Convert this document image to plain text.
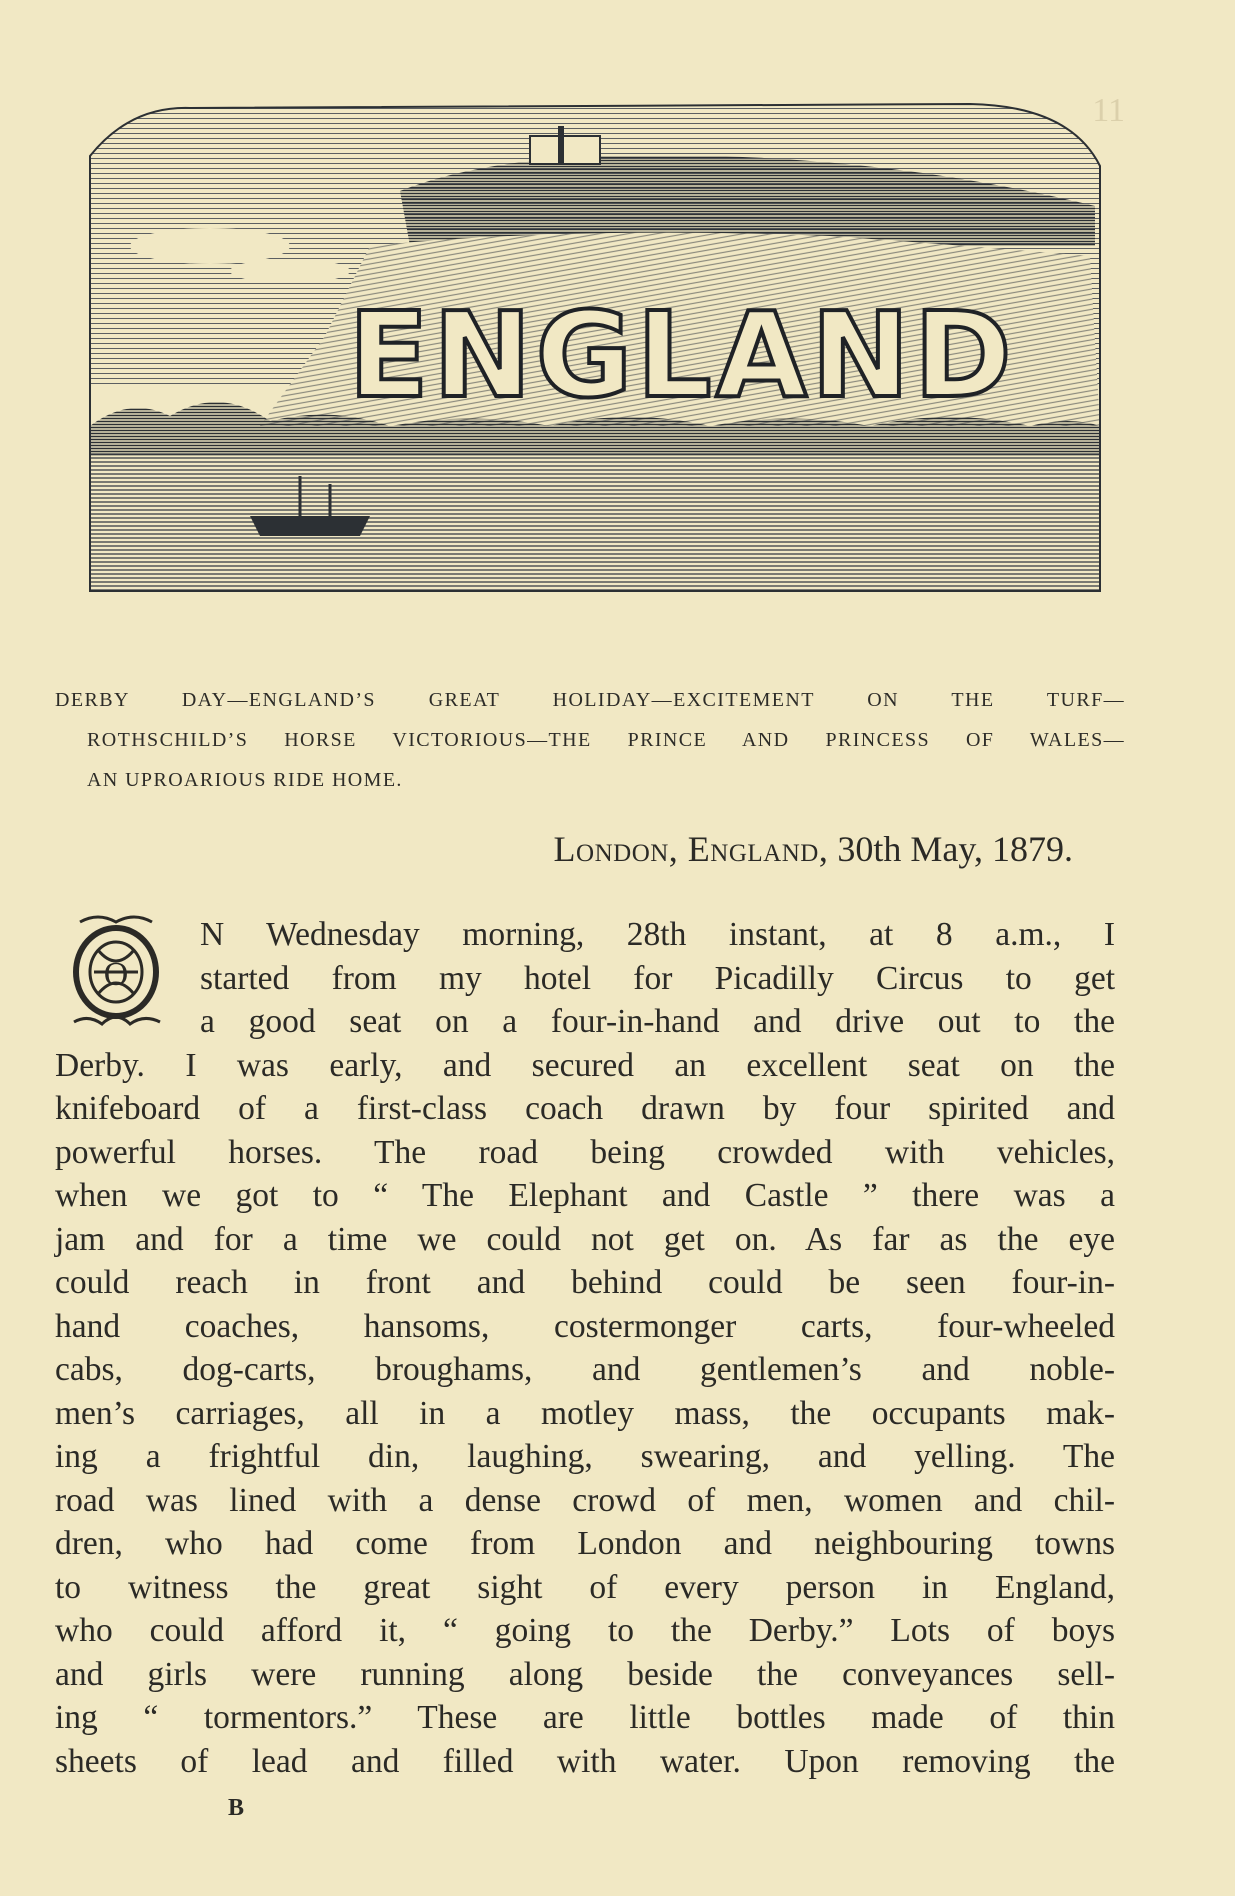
11
ENGLAND
DERBY DAY—ENGLAND’S GREAT HOLIDAY—EXCITEMENT ON THE TURF—
ROTHSCHILD’S HORSE VICTORIOUS—THE PRINCE AND PRINCESS OF WALES—
AN UPROARIOUS RIDE HOME.
London, England, 30th May, 1879.
O
N Wednesday morning, 28th instant, at 8 a.m., I
started from my hotel for Picadilly Circus to get
a good seat on a four-in-hand and drive out to the
Derby. I was early, and secured an excellent seat on the
knifeboard of a first-class coach drawn by four spirited and
powerful horses. The road being crowded with vehicles,
when we got to “ The Elephant and Castle ” there was a
jam and for a time we could not get on. As far as the eye
could reach in front and behind could be seen four-in-
hand coaches, hansoms, costermonger carts, four-wheeled
cabs, dog-carts, broughams, and gentlemen’s and noble-
men’s carriages, all in a motley mass, the occupants mak-
ing a frightful din, laughing, swearing, and yelling. The
road was lined with a dense crowd of men, women and chil-
dren, who had come from London and neighbouring towns
to witness the great sight of every person in England,
who could afford it, “ going to the Derby.” Lots of boys
and girls were running along beside the conveyances sell-
ing “ tormentors.” These are little bottles made of thin
sheets of lead and filled with water. Upon removing the
B
